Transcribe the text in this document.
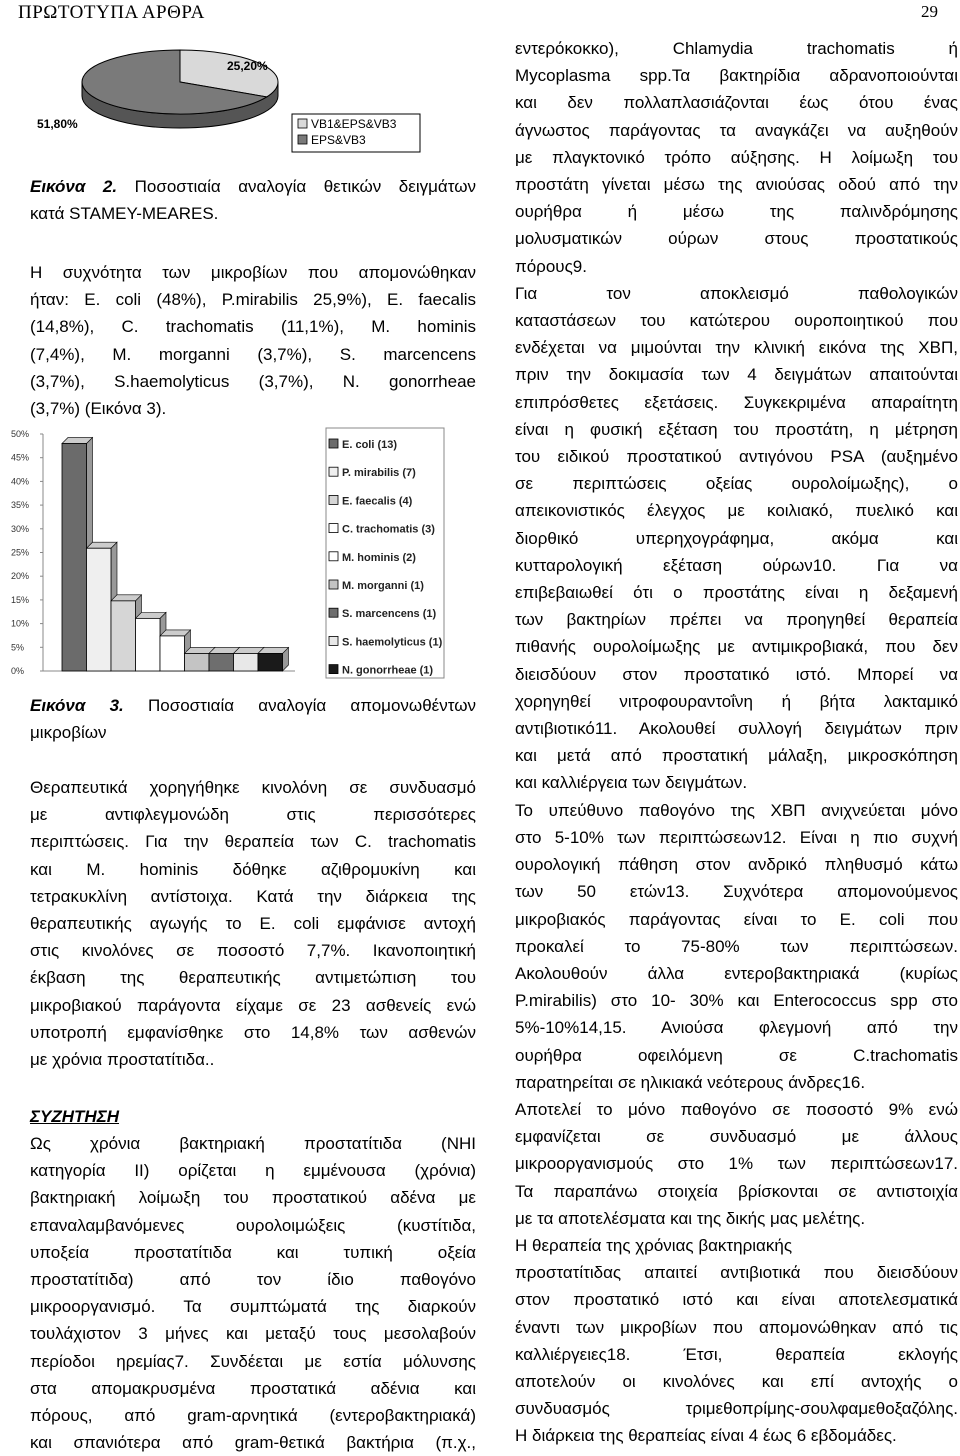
ΠΡΩΤΟΤΥΠΑ ΑΡΘΡΑ	29
25,20%
51,80%	VB1&EPS&VB3
EPS&VB3

Εικόνα 2. Ποσοστιαία αναλογία θετικών δειγμάτων

κατά STAMEY-MEARES.

Η συχνότητα των μικροβίων που απομονώθηκαν

ήταν: E. coli (48%), P.mirabilis 25,9%), E. faecalis

(14,8%), C. trachomatis (11,1%), M. hominis

(7,4%), M. morganni (3,7%), S. marcencens

(3,7%), S.haemolyticus (3,7%), N. gonorrheae

(3,7%) (Εικόνα 3).

0%
5%
10%
15%
20%
25%
30%
35%
40%
45%
50%
E. coli (13)
P. mirabilis (7)
E. faecalis (4)
C. trachomatis (3)
M. hominis (2)
M. morganni (1)
S. marcencens (1)
S. haemolyticus (1)
N. gonorrheae (1)

Εικόνα 3. Ποσοστιαία αναλογία απομονωθέντων

μικροβίων

Θεραπευτικά χορηγήθηκε κινολόνη σε συνδυασμό

με αντιφλεγμονώδη στις περισσότερες

περιπτώσεις. Για την θεραπεία των C. trachomatis

και M. hominis δόθηκε αζιθρομυκίνη και

τετρακυκλίνη αντίστοιχα. Κατά την διάρκεια της

θεραπευτικής αγωγής το E. coli εμφάνισε αντοχή

στις κινολόνες σε ποσοστό 7,7%. Ικανοποιητική

έκβαση της θεραπευτικής αντιμετώπιση του

μικροβιακού παράγοντα είχαμε σε 23 ασθενείς ενώ

υποτροπή εμφανίσθηκε στο 14,8% των ασθενών

με χρόνια προστατίτιδα..

ΣΥΖΗΤΗΣΗ

Ως χρόνια βακτηριακή προστατίτιδα (NHI

κατηγορία ΙΙ) ορίζεται η εμμένουσα (χρόνια)

βακτηριακή λοίμωξη του προστατικού αδένα με

επαναλαμβανόμενες ουρολοιμώξεις (κυστίτιδα,

υποξεία προστατίτιδα και τυπική οξεία

προστατίτιδα) από τον ίδιο παθογόνο

μικροοργανισμό. Τα συμπτώματά της διαρκούν

τουλάχιστον 3 μήνες και μεταξύ τους μεσολαβούν

περίοδοι ηρεμίας7. Συνδέεται με εστία μόλυνσης

στα απομακρυσμένα προστατικά αδένια και

πόρους, από gram-αρνητικά (εντεροβακτηριακά)

και σπανιότερα από gram-θετικά βακτήρια (π.χ.,

εντερόκοκκο), Chlamydia trachomatis ή

Mycoplasma spp.Τα βακτηρίδια αδρανοποιούνται

και δεν πολλαπλασιάζονται έως ότου ένας

άγνωστος παράγοντας τα αναγκάζει να αυξηθούν

με πλαγκτονικό τρόπο αύξησης. Η λοίμωξη του

προστάτη γίνεται μέσω της ανιούσας οδού από την

ουρήθρα ή μέσω της παλινδρόμησης

μολυσματικών ούρων στους προστατικούς

πόρους9.

Για τον αποκλεισμό παθολογικών

καταστάσεων του κατώτερου ουροποιητικού που

ενδέχεται να μιμούνται την κλινική εικόνα της ΧΒΠ,

πριν την δοκιμασία των 4 δειγμάτων απαιτούνται

επιπρόσθετες εξετάσεις. Συγκεκριμένα απαραίτητη

είναι η φυσική εξέταση του προστάτη, η μέτρηση

του ειδικού προστατικού αντιγόνου PSA (αυξημένο

σε περιπτώσεις οξείας ουρολοίμωξης), ο

απεικονιστικός έλεγχος με κοιλιακό, πυελικό και

διορθικό υπερηχογράφημα, ακόμα και

κυτταρολογική εξέταση ούρων10. Για να

επιβεβαιωθεί ότι ο προστάτης είναι η δεξαμενή

των βακτηρίων πρέπει να προηγηθεί θεραπεία

πιθανής ουρολοίμωξης με αντιμικροβιακά, που δεν

διεισδύουν στον προστατικό ιστό. Μπορεί να

χορηγηθεί νιτροφουραντοΐνη ή βήτα λακταμικό

αντιβιοτικό11. Ακολουθεί συλλογή δειγμάτων πριν

και μετά από προστατική μάλαξη, μικροσκόπηση

και καλλιέργεια των δειγμάτων.

Το υπεύθυνο παθογόνο της ΧΒΠ ανιχνεύεται μόνο

στο 5-10% των περιπτώσεων12. Είναι η πιο συχνή

ουρολογική πάθηση στον ανδρικό πληθυσμό κάτω

των 50 ετών13. Συχνότερα απομονούμενος

μικροβιακός παράγοντας είναι το E. coli που

προκαλεί το 75-80% των περιπτώσεων.

Ακολουθούν άλλα εντεροβακτηριακά (κυρίως

P.mirabilis) στο 10- 30% και Enterococcus spp στο

5%-10%14,15. Ανιούσα φλεγμονή από την

ουρήθρα οφειλόμενη σε C.trachomatis

παρατηρείται σε ηλικιακά νεότερους άνδρες16.

Αποτελεί το μόνο παθογόνο σε ποσοστό 9% ενώ

εμφανίζεται σε συνδυασμό με άλλους

μικροοργανισμούς στο 1% των περιπτώσεων17.

Τα παραπάνω στοιχεία βρίσκονται σε αντιστοιχία

με τα αποτελέσματα και της δικής μας μελέτης.

Η θεραπεία της χρόνιας βακτηριακής

προστατίτιδας απαιτεί αντιβιοτικά που διεισδύουν

στον προστατικό ιστό και είναι αποτελεσματικά

έναντι των μικροβίων που απομονώθηκαν από τις

καλλιέργειες18. Έτσι, θεραπεία εκλογής

αποτελούν οι κινολόνες και επί αντοχής ο

συνδυασμός τριμεθοπρίμης-σουλφαμεθοξαζόλης.

Η διάρκεια της θεραπείας είναι 4 έως 6 εβδομάδες.
